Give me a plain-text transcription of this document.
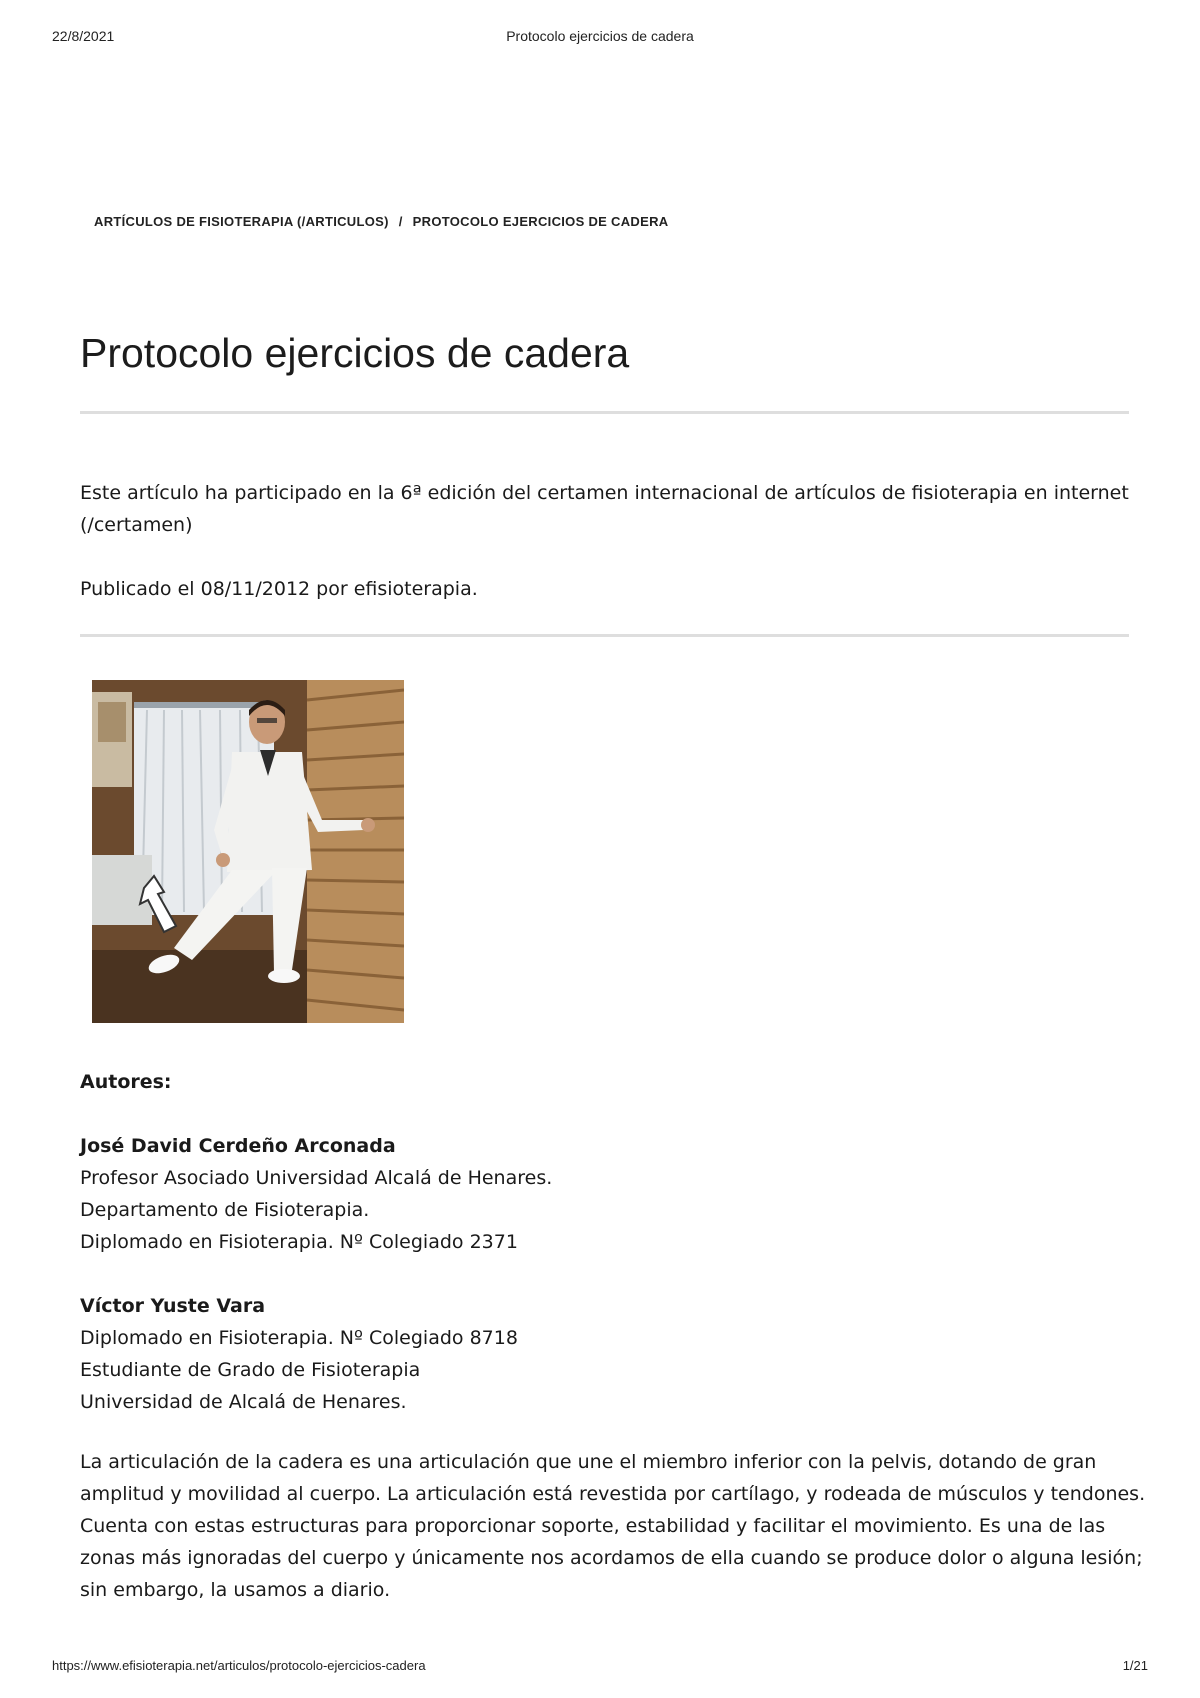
22/8/2021	Protocolo ejercicios de cadera
ARTÍCULOS DE FISIOTERAPIA (/ARTICULOS) / PROTOCOLO EJERCICIOS DE CADERA
Protocolo ejercicios de cadera

Este artículo ha participado en la 6ª edición del certamen internacional de artículos de fisioterapia en internet (/certamen)

Publicado el 08/11/2012 por efisioterapia.

Autores:
José David Cerdeño Arconada
Profesor Asociado Universidad Alcalá de Henares.
Departamento de Fisioterapia.
Diplomado en Fisioterapia. Nº Colegiado 2371
Víctor Yuste Vara
Diplomado en Fisioterapia. Nº Colegiado 8718
Estudiante de Grado de Fisioterapia
Universidad de Alcalá de Henares.

La articulación de la cadera es una articulación que une el miembro inferior con la pelvis, dotando de gran amplitud y movilidad al cuerpo. La articulación está revestida por cartílago, y rodeada de músculos y tendones. Cuenta con estas estructuras para proporcionar soporte, estabilidad y facilitar el movimiento. Es una de las zonas más ignoradas del cuerpo y únicamente nos acordamos de ella cuando se produce dolor o alguna lesión; sin embargo, la usamos a diario.

https://www.efisioterapia.net/articulos/protocolo-ejercicios-cadera	1/21
